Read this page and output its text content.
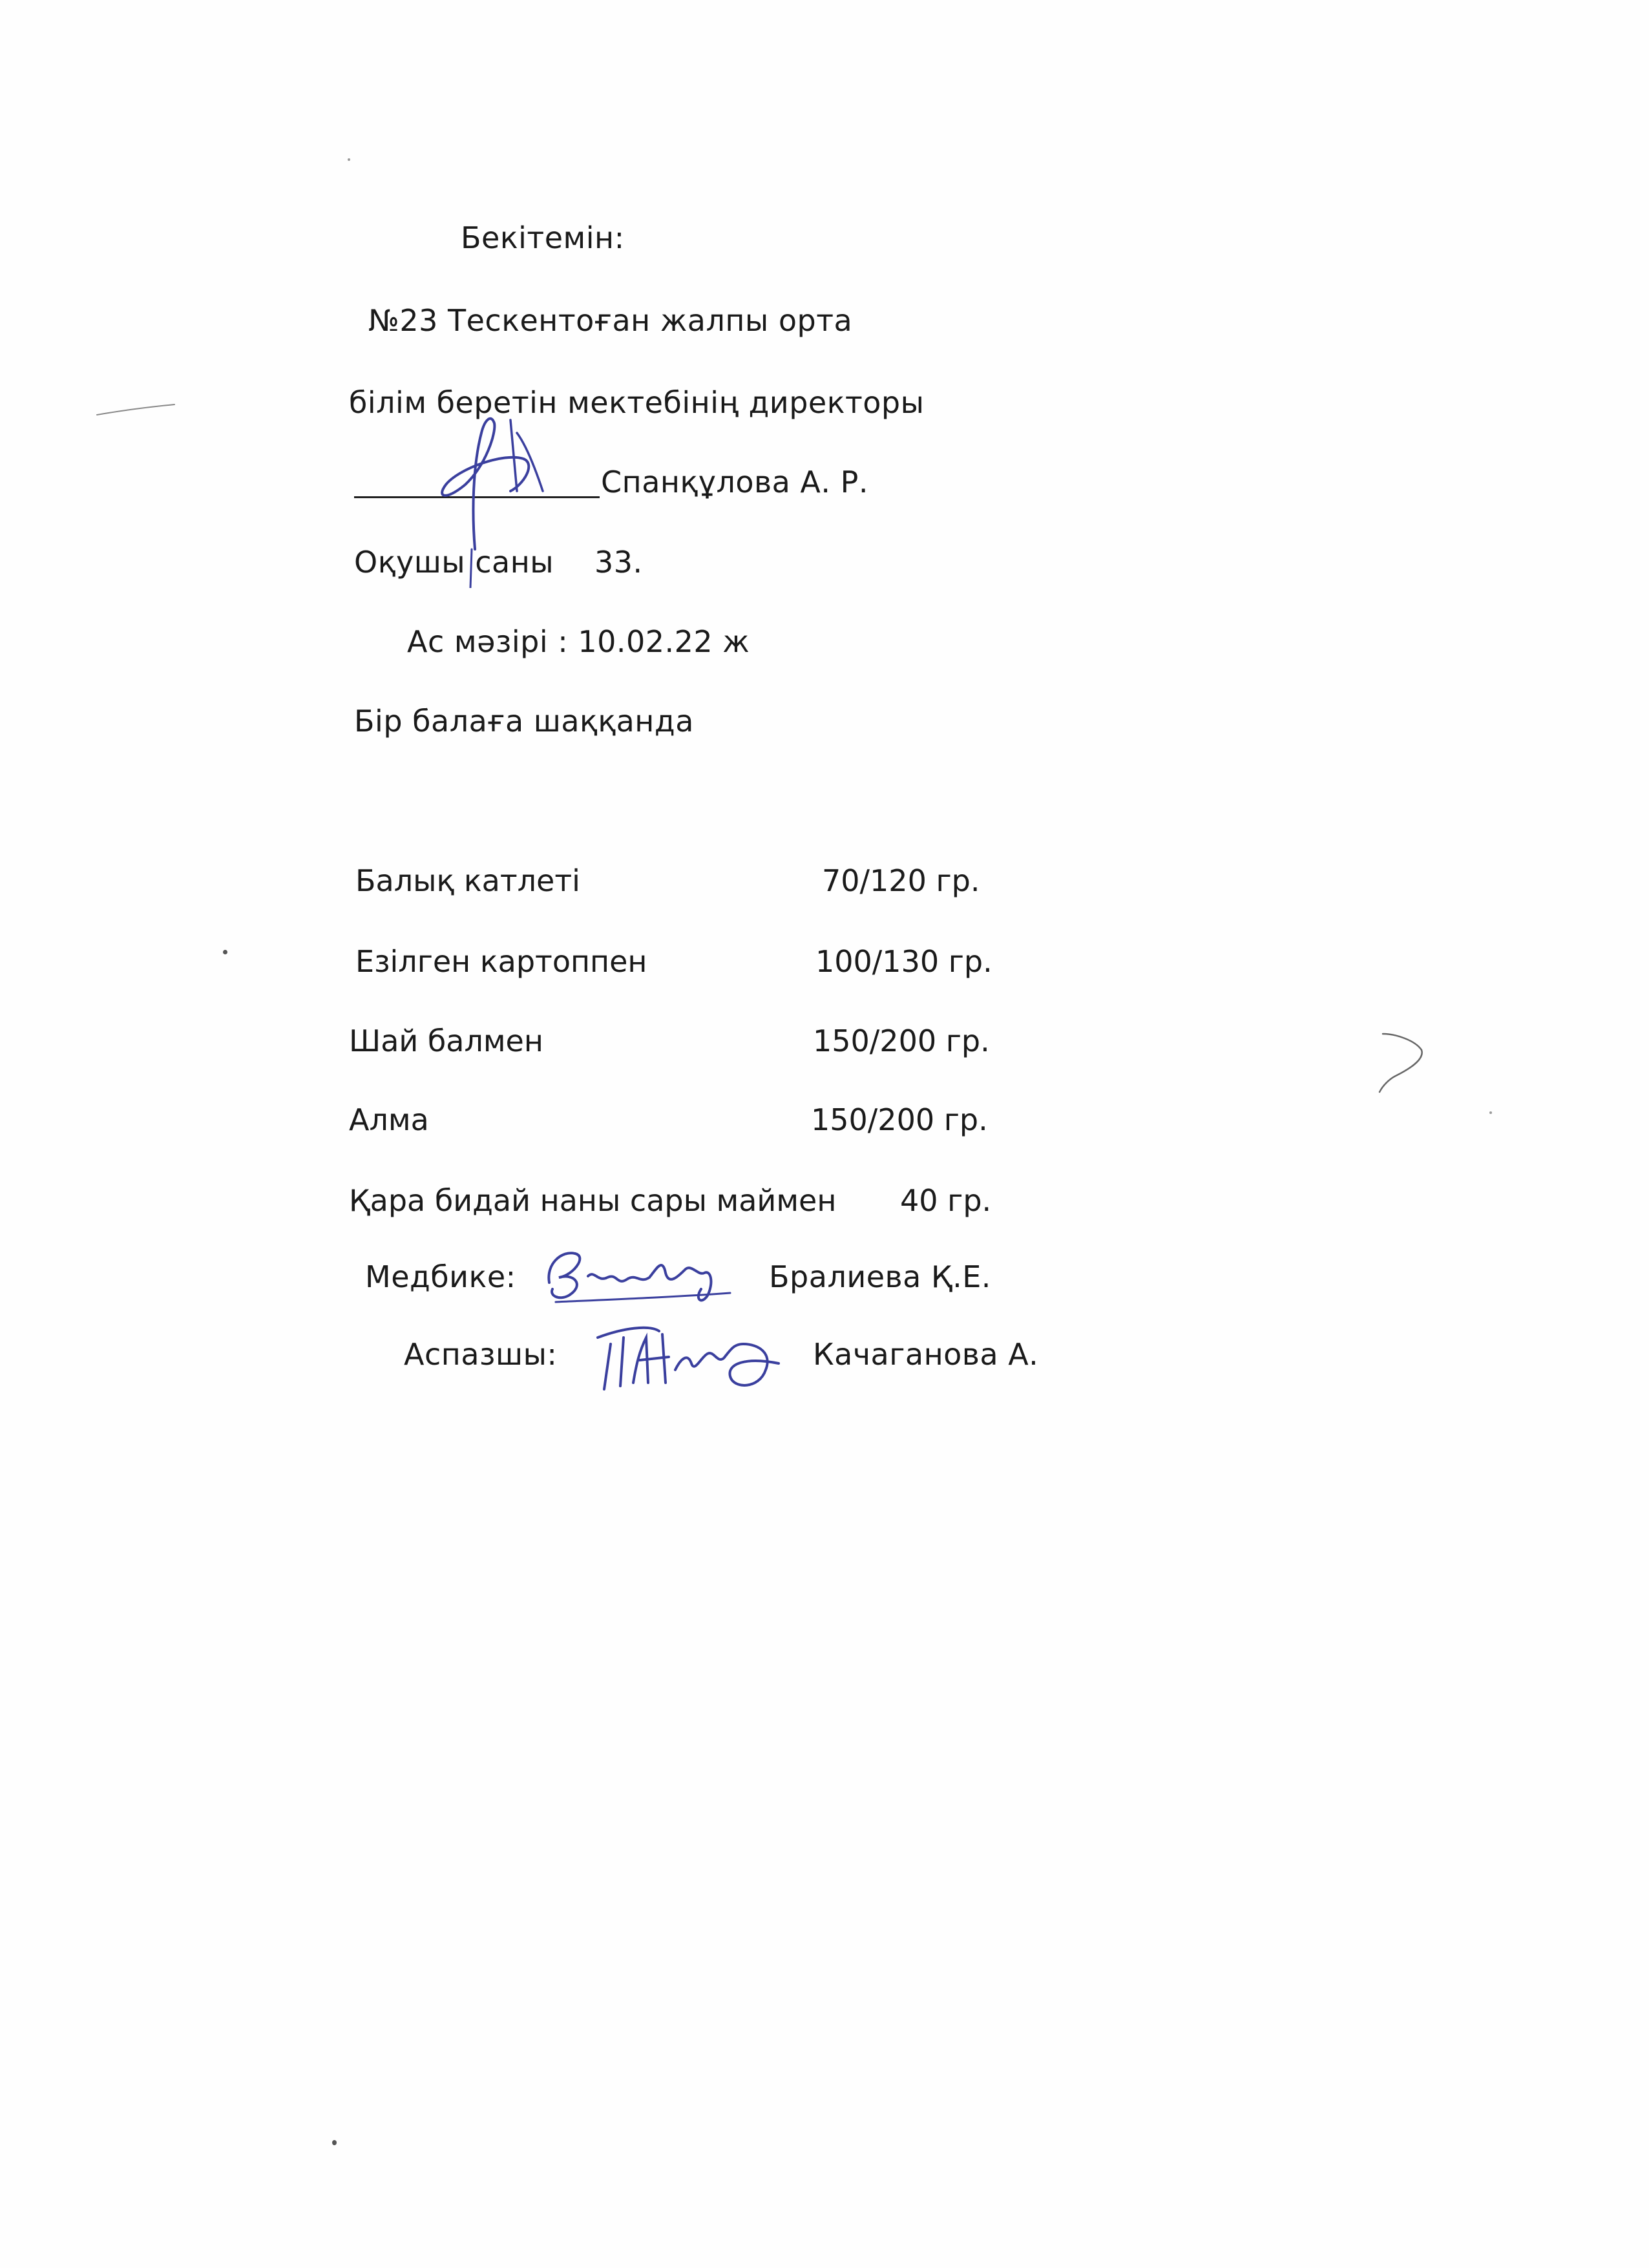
Бекітемін:
№23 Тескентоған жалпы орта
білім беретін мектебінің директоры
Спанқұлова А. Р.
Оқушы саны 33.
Ас мәзірі : 10.02.22 ж
Бір балаға шаққанда
Балық катлеті	70/120 гр.
Езілген картоппен	100/130 гр.
Шай балмен	150/200 гр.
Алма	150/200 гр.
Қара бидай наны сары маймен 40 гр.
Медбике:	Бралиева Қ.Е.
Аспазшы:	Качаганова А.
